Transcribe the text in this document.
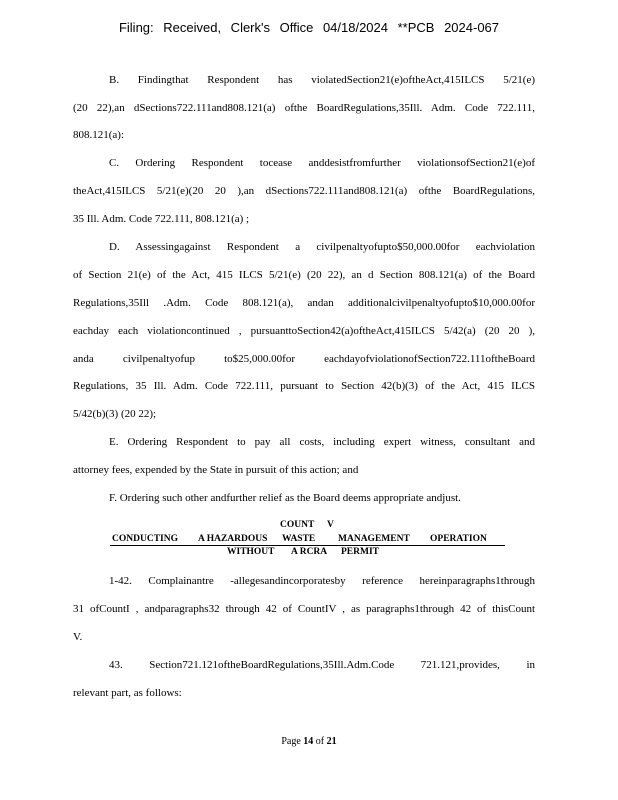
Filing: Received, Clerk's Office 04/18/2024 **PCB 2024-067
B. Findingthat Respondent has violatedSection21(e)oftheAct,415ILCS 5/21(e)
(20 22),an dSections722.111and808.121(a) ofthe BoardRegulations,35Ill. Adm. Code 722.111,
808.121(a):
C. Ordering Respondent tocease anddesistfromfurther violationsofSection21(e)of
theAct,415ILCS 5/21(e)(20 20 ),an dSections722.111and808.121(a) ofthe BoardRegulations,
35 Ill. Adm. Code 722.111, 808.121(a) ;
D. Assessingagainst Respondent a civilpenaltyofupto$50,000.00for eachviolation
of Section 21(e) of the Act, 415 ILCS 5/21(e) (20 22), an d Section 808.121(a) of the Board
Regulations,35Ill .Adm. Code 808.121(a), andan additionalcivilpenaltyofupto$10,000.00for
eachday each violationcontinued , pursuanttoSection42(a)oftheAct,415ILCS 5/42(a) (20 20 ),
anda civilpenaltyofup to$25,000.00for eachdayofviolationofSection722.111oftheBoard
Regulations, 35 Ill. Adm. Code 722.111, pursuant to Section 42(b)(3) of the Act, 415 ILCS
5/42(b)(3) (20 22);
E. Ordering Respondent to pay all costs, including expert witness, consultant and
attorney fees, expended by the State in pursuit of this action; and
F. Ordering such other andfurther relief as the Board deems appropriate andjust.
COUNT V
CONDUCTING A HAZARDOUS WASTE MANAGEMENT OPERATION
WITHOUT A RCRA PERMIT
1-42. Complainantre -allegesandincorporatesby reference hereinparagraphs1through
31 ofCountI , andparagraphs32 through 42 of CountIV , as paragraphs1through 42 of thisCount
V.
43. Section721.121oftheBoardRegulations,35Ill.Adm.Code 721.121,provides, in
relevant part, as follows:
Page 14 of 21
